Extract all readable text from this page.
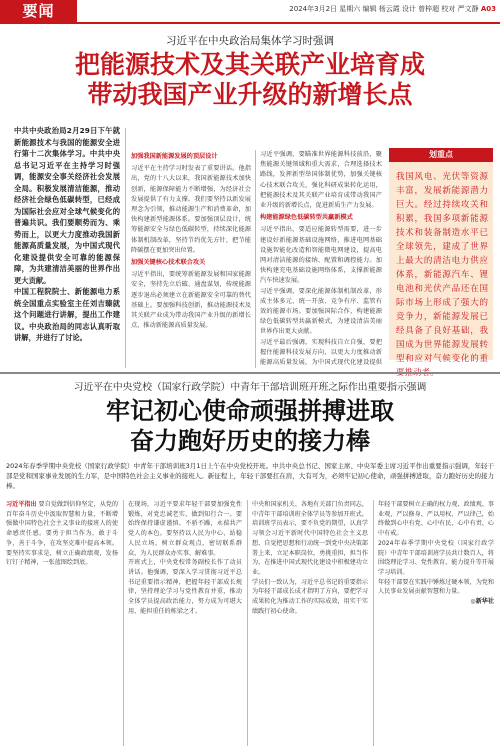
要闻	2024年3月2日 星期六 编辑 杨云霞 设计 曾梓超 校对 严文静 A03
习近平在中央政治局集体学习时强调
把能源技术及其关联产业培育成
带动我国产业升级的新增长点
中共中央政治局2月29日下午就新能源技术与我国的能源安全进行第十二次集体学习。中共中央总书记习近平在主持学习时强调，能源安全事关经济社会发展全局。积极发展清洁能源，推动经济社会绿色低碳转型，已经成为国际社会应对全球气候变化的普遍共识。我们要顺势而为、乘势而上，以更大力度推动我国新能源高质量发展，为中国式现代化建设提供安全可靠的能源保障，为共建清洁美丽的世界作出更大贡献。
中国工程院院士、新能源电力系统全国重点实验室主任刘吉臻就这个问题进行讲解，提出工作建议。中央政治局的同志认真听取讲解，并进行了讨论。
加强我国新能源发展的顶层设计
习近平在主持学习时发表了重要讲话。他指出，党的十八大以来，我国新能源技术加快创新，能源保障能力不断增强，为经济社会发展提供了有力支撑。我们要坚持以新发展理念为引领，推动能源生产和消费革命，加快构建新型能源体系。要加强顶层设计，统筹能源安全与绿色低碳转型，持续深化能源体制机制改革，坚持节约优先方针，把节能降碳摆在更加突出位置。
加强关键核心技术联合攻关
习近平指出，要统筹新能源发展和国家能源安全，坚持先立后破、通盘谋划，传统能源逐步退出必须建立在新能源安全可靠的替代基础上。要加强科技创新，推动能源技术及其关联产业成为带动我国产业升级的新增长点，推动新能源高质量发展。
习近平强调，要瞄准世界能源科技前沿，聚焦能源关键领域和重大需求，合理选择技术路线，发挥新型举国体制优势，加强关键核心技术联合攻关，强化科研成果转化运用，把能源技术及其关联产业培育成带动我国产业升级的新增长点，促进新质生产力发展。
构建能源绿色低碳转型共赢新模式
习近平指出，要适应能源转型需要，进一步建设好新能源基础设施网络，推进电网基础设施智能化改造和智能微电网建设，提高电网对清洁能源的接纳、配置和调控能力。加快构建充电基础设施网络体系，支撑新能源汽车快速发展。
习近平强调，要深化能源体制机制改革，形成主体多元、统一开放、竞争有序、监管有效的能源市场。要加强国际合作，构建能源绿色低碳转型共赢新模式，为建设清洁美丽世界作出更大贡献。
习近平最后强调，实现科技自立自强，要把握住能源科技发展方向，以更大力度推动新能源高质量发展，为中国式现代化建设提供
划重点
我国风电、光伏等资源丰富，发展新能源潜力巨大。经过持续攻关和积累，我国多项新能源技术和装备制造水平已全球领先，建成了世界上最大的清洁电力供应体系，新能源汽车、锂电池和光伏产品还在国际市场上形成了强大的竞争力，新能源发展已经具备了良好基础，我国成为世界能源发展转型和应对气候变化的重
习近平在中央党校（国家行政学院）中青年干部培训班开班之际作出重要指示强调
牢记初心使命顽强拼搏进取
奋力跑好历史的接力棒
2024年春季学期中央党校（国家行政学院）中青年干部培训班3月1日上午在中央党校开班。中共中央总书记、国家主席、中央军委主席习近平作出重要指示强调，年轻干部是党和国家事业发展的生力军，是中国特色社会主义事业的接班人。新征程上，年轻干部要扛在肩，大有可为，必须牢记初心使命，顽强拼搏进取，奋力跑好历史的接力棒。
习近平指出 要自觉做到信仰坚定，从党的百年奋斗历史中汲取智慧和力量，不断增强做中国特色社会主义事业的接班人的使命感责任感。要勇于担当作为，敢于斗争，善于斗争，在攻坚克难中提高本领。要坚持实事求是，树立正确政绩观，发扬钉钉子精神，一张蓝图绘到底。
在现场，习近平要求年轻干部要加强党性锻炼，对党忠诚老实，做到知行合一。要始终保持谦虚谨慎、不骄不躁，永葆共产党人的本色。要坚持以人民为中心，站稳人民立场，树立群众观点，密切联系群众，为人民群众办实事、解难事。
开班式上，中央党校常务副校长作了动员讲话。他强调，要深入学习贯彻习近平总书记重要指示精神，把握年轻干部成长规律，坚持理论学习与党性教育并重，推动全体学员提高政治能力，努力成为可堪大用、能担重任的栋梁之才。
中央和国家机关、各地有关部门负责同志，中青年干部培训班全体学员等参加开班式。
培训班学员表示，要不负党的期望，认真学习领会习近平新时代中国特色社会主义思想，自觉把思想和行动统一到党中央决策部署上来，立足本职岗位，勇挑重担，担当作为，在推进中国式现代化建设中积极建功立业。
学员们一致认为，习近平总书记的重要指示为年轻干部成长成才指明了方向，要把学习成果转化为推动工作的实际成效，用实干实绩践行初心使命。
年轻干部要树立正确的权力观、政绩观、事业观，严以修身、严以用权、严以律己，始终做到心中有党、心中有民、心中有责、心中有戒。
2024年春季学期中央党校（国家行政学院）中青年干部培训班学员共计数百人，将围绕理论学习、党性教育、能力提升等开展学习培训。
年轻干部要在实践中锤炼过硬本领，为党和人民事业发展贡献智慧和力量。
◎新华社
